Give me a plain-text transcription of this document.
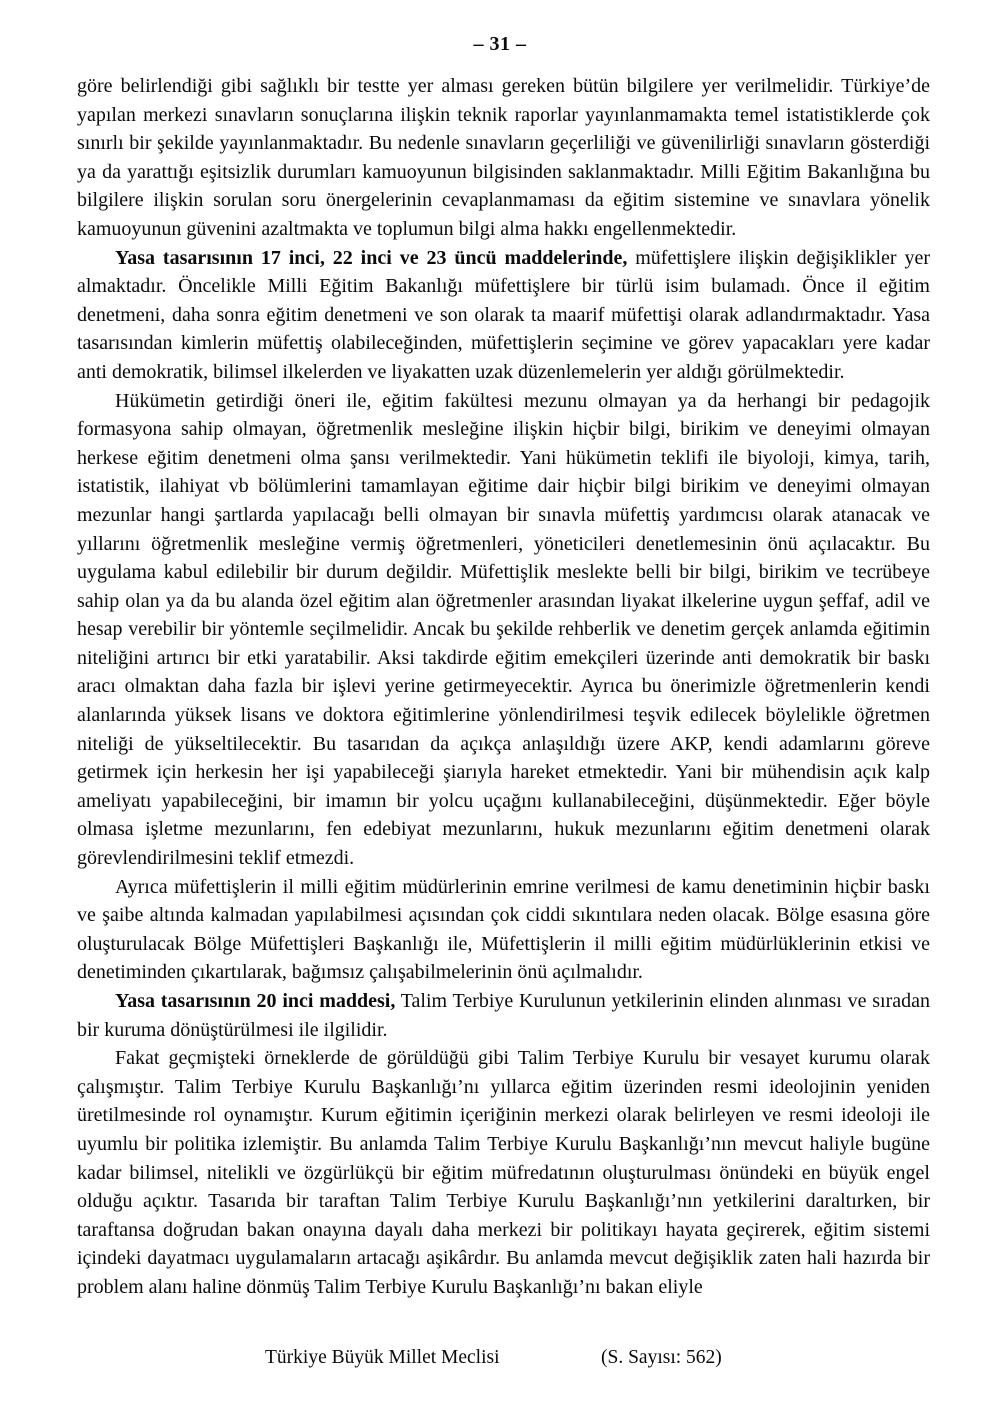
– 31 –

göre belirlendiği gibi sağlıklı bir testte yer alması gereken bütün bilgilere yer verilmelidir. Türkiye’de yapılan merkezi sınavların sonuçlarına ilişkin teknik raporlar yayınlanmamakta temel istatistiklerde çok sınırlı bir şekilde yayınlanmaktadır. Bu nedenle sınavların geçerliliği ve güvenilirliği sınavların gösterdiği ya da yarattığı eşitsizlik durumları kamuoyunun bilgisinden saklanmaktadır. Milli Eğitim Bakanlığına bu bilgilere ilişkin sorulan soru önergelerinin cevaplanmaması da eğitim sistemine ve sınavlara yönelik kamuoyunun güvenini azaltmakta ve toplumun bilgi alma hakkı engellenmektedir.

Yasa tasarısının 17 inci, 22 inci ve 23 üncü maddelerinde, müfettişlere ilişkin değişiklikler yer almaktadır. Öncelikle Milli Eğitim Bakanlığı müfettişlere bir türlü isim bulamadı. Önce il eğitim denetmeni, daha sonra eğitim denetmeni ve son olarak ta maarif müfettişi olarak adlandırmaktadır. Yasa tasarısından kimlerin müfettiş olabileceğinden, müfettişlerin seçimine ve görev yapacakları yere kadar anti demokratik, bilimsel ilkelerden ve liyakatten uzak düzenlemelerin yer aldığı görülmektedir.

Hükümetin getirdiği öneri ile, eğitim fakültesi mezunu olmayan ya da herhangi bir pedagojik formasyona sahip olmayan, öğretmenlik mesleğine ilişkin hiçbir bilgi, birikim ve deneyimi olmayan herkese eğitim denetmeni olma şansı verilmektedir. Yani hükümetin teklifi ile biyoloji, kimya, tarih, istatistik, ilahiyat vb bölümlerini tamamlayan eğitime dair hiçbir bilgi birikim ve deneyimi olmayan mezunlar hangi şartlarda yapılacağı belli olmayan bir sınavla müfettiş yardımcısı olarak atanacak ve yıllarını öğretmenlik mesleğine vermiş öğretmenleri, yöneticileri denetlemesinin önü açılacaktır. Bu uygulama kabul edilebilir bir durum değildir. Müfettişlik meslekte belli bir bilgi, birikim ve tecrübeye sahip olan ya da bu alanda özel eğitim alan öğretmenler arasından liyakat ilkelerine uygun şeffaf, adil ve hesap verebilir bir yöntemle seçilmelidir. Ancak bu şekilde rehberlik ve denetim gerçek anlamda eğitimin niteliğini artırıcı bir etki yaratabilir. Aksi takdirde eğitim emekçileri üzerinde anti demokratik bir baskı aracı olmaktan daha fazla bir işlevi yerine getirmeyecektir. Ayrıca bu önerimizle öğretmenlerin kendi alanlarında yüksek lisans ve doktora eğitimlerine yönlendirilmesi teşvik edilecek böylelikle öğretmen niteliği de yükseltilecektir. Bu tasarıdan da açıkça anlaşıldığı üzere AKP, kendi adamlarını göreve getirmek için herkesin her işi yapabileceği şiarıyla hareket etmektedir. Yani bir mühendisin açık kalp ameliyatı yapabileceğini, bir imamın bir yolcu uçağını kullanabileceğini, düşünmektedir. Eğer böyle olmasa işletme mezunlarını, fen edebiyat mezunlarını, hukuk mezunlarını eğitim denetmeni olarak görevlendirilmesini teklif etmezdi.

Ayrıca müfettişlerin il milli eğitim müdürlerinin emrine verilmesi de kamu denetiminin hiçbir baskı ve şaibe altında kalmadan yapılabilmesi açısından çok ciddi sıkıntılara neden olacak. Bölge esasına göre oluşturulacak Bölge Müfettişleri Başkanlığı ile, Müfettişlerin il milli eğitim müdürlüklerinin etkisi ve denetiminden çıkartılarak, bağımsız çalışabilmelerinin önü açılmalıdır.

Yasa tasarısının 20 inci maddesi, Talim Terbiye Kurulunun yetkilerinin elinden alınması ve sıradan bir kuruma dönüştürülmesi ile ilgilidir.

Fakat geçmişteki örneklerde de görüldüğü gibi Talim Terbiye Kurulu bir vesayet kurumu olarak çalışmıştır. Talim Terbiye Kurulu Başkanlığı’nı yıllarca eğitim üzerinden resmi ideolojinin yeniden üretilmesinde rol oynamıştır. Kurum eğitimin içeriğinin merkezi olarak belirleyen ve resmi ideoloji ile uyumlu bir politika izlemiştir. Bu anlamda Talim Terbiye Kurulu Başkanlığı’nın mevcut haliyle bugüne kadar bilimsel, nitelikli ve özgürlükçü bir eğitim müfredatının oluşturulması önündeki en büyük engel olduğu açıktır. Tasarıda bir taraftan Talim Terbiye Kurulu Başkanlığı’nın yetkilerini daraltırken, bir taraftansa doğrudan bakan onayına dayalı daha merkezi bir politikayı hayata geçirerek, eğitim sistemi içindeki dayatmacı uygulamaların artacağı aşikârdır. Bu anlamda mevcut değişiklik zaten hali hazırda bir problem alanı haline dönmüş Talim Terbiye Kurulu Başkanlığı’nı bakan eliyle

Türkiye Büyük Millet Meclisi	(S. Sayısı: 562)
